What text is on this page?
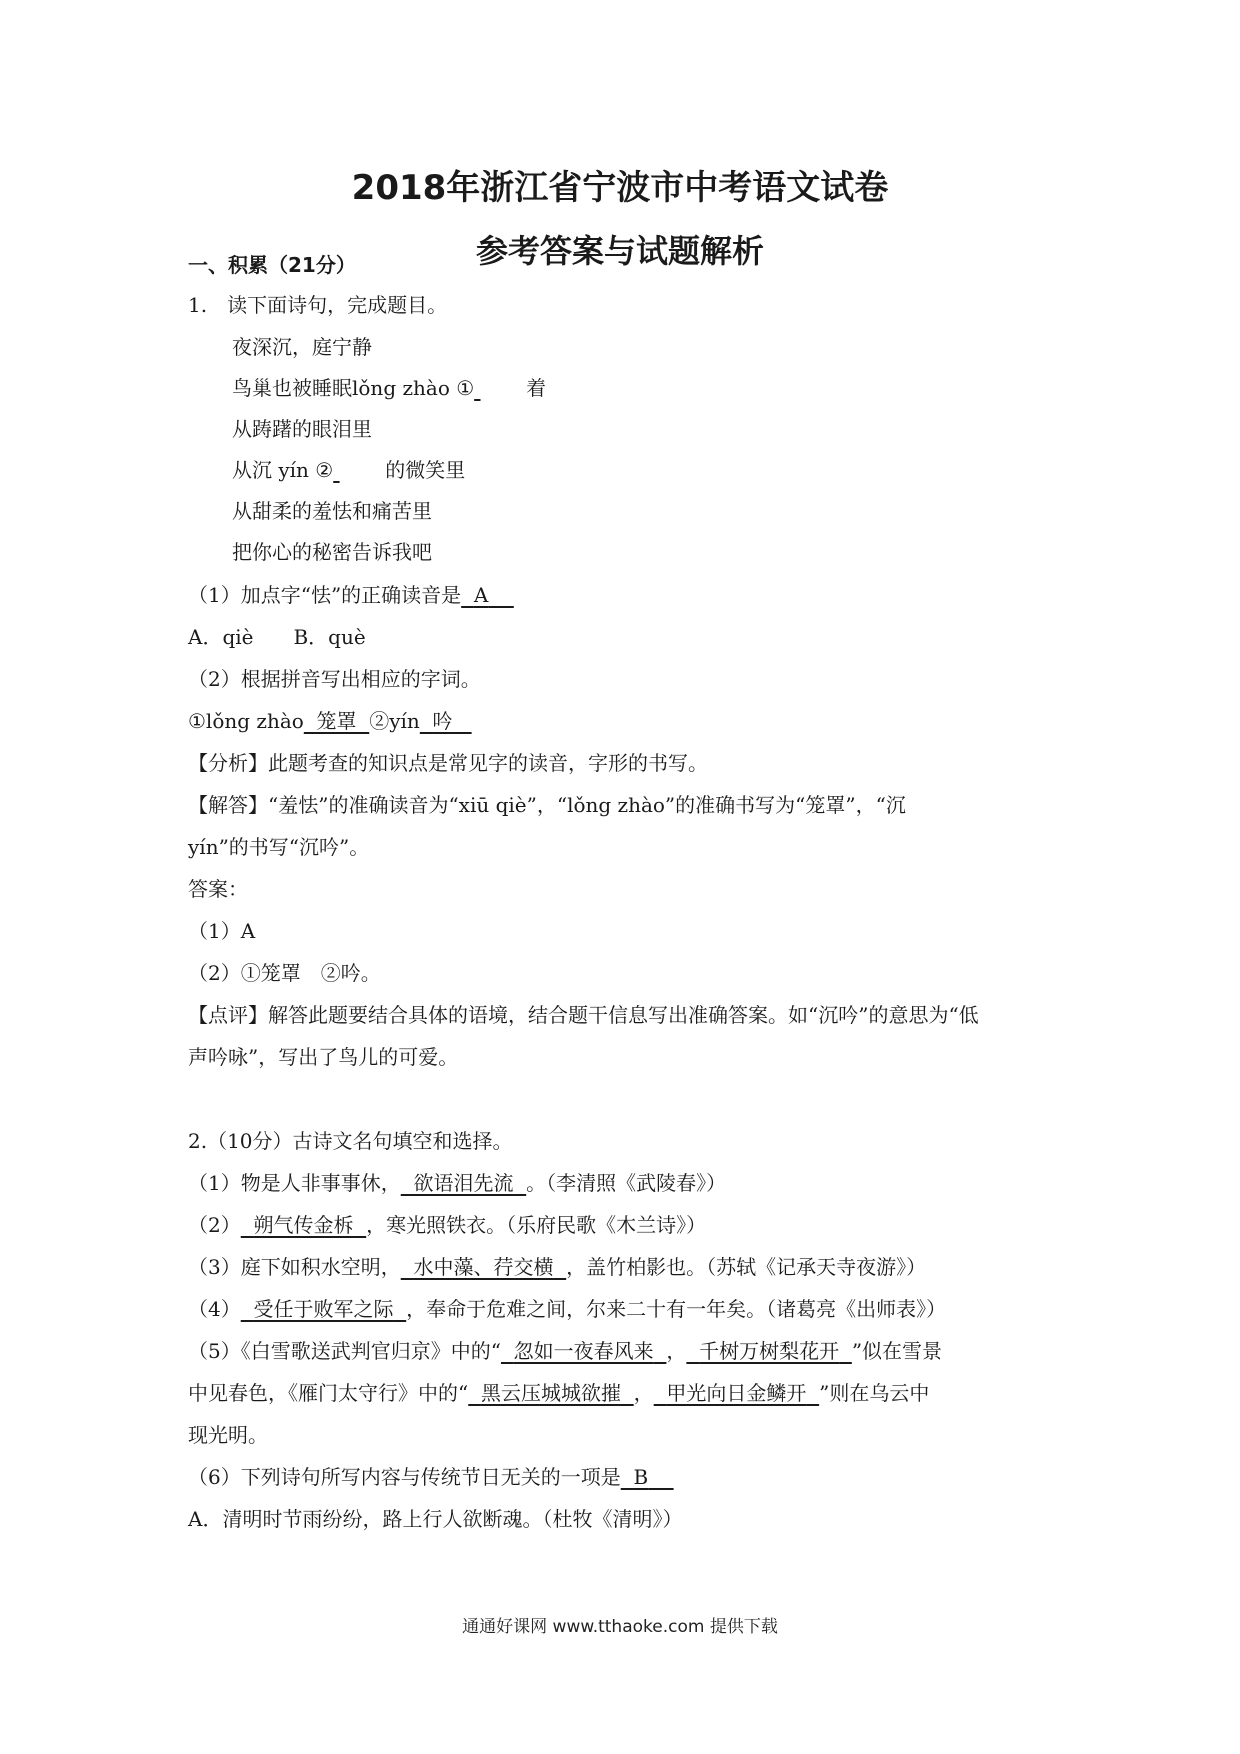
2018年浙江省宁波市中考语文试卷
参考答案与试题解析
一、积累（21分）
1.　读下面诗句，完成题目。
夜深沉，庭宁静
鸟巢也被睡眠lǒng zhào ①	着
从踌躇的眼泪里
从沉 yín ②	的微笑里
从甜柔的羞怯和痛苦里
把你心的秘密告诉我吧
（1）加点字“怯”的正确读音是 A
A．qiè　　B．què
（2）根据拼音写出相应的字词。
①lǒng zhào 笼罩 ②yín 吟
【分析】此题考查的知识点是常见字的读音，字形的书写。
【解答】“羞怯”的准确读音为“xiū qiè”，“lǒng zhào”的准确书写为“笼罩”，“沉
yín”的书写“沉吟”。
答案：
（1）A
（2）①笼罩　②吟。
【点评】解答此题要结合具体的语境，结合题干信息写出准确答案。如“沉吟”的意思为“低
声吟咏”，写出了鸟儿的可爱。
2.（10分）古诗文名句填空和选择。
（1）物是人非事事休， 欲语泪先流 。（李清照《武陵春》）
（2） 朔气传金柝 ，寒光照铁衣。（乐府民歌《木兰诗》）
（3）庭下如积水空明， 水中藻、荇交横 ，盖竹柏影也。（苏轼《记承天寺夜游》）
（4） 受任于败军之际 ，奉命于危难之间，尔来二十有一年矣。（诸葛亮《出师表》）
（5）《白雪歌送武判官归京》中的“ 忽如一夜春风来 ， 千树万树梨花开 ”似在雪景
中见春色，《雁门太守行》中的“ 黑云压城城欲摧 ， 甲光向日金鳞开 ”则在乌云中
现光明。
（6）下列诗句所写内容与传统节日无关的一项是 B
A．清明时节雨纷纷，路上行人欲断魂。（杜牧《清明》）
通通好课网 www.tthaoke.com 提供下载
